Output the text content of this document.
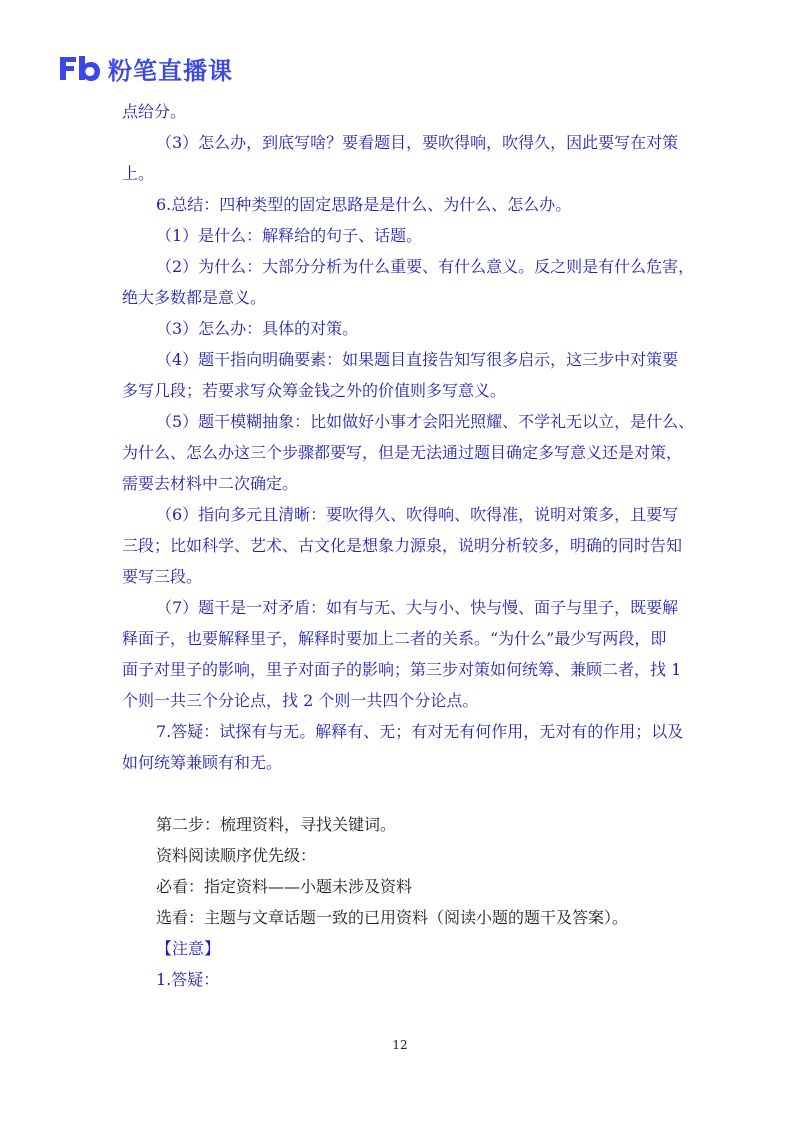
粉笔直播课
点给分。
（3）怎么办，到底写啥？要看题目，要吹得响，吹得久，因此要写在对策
上。
6.总结：四种类型的固定思路是是什么、为什么、怎么办。
（1）是什么：解释给的句子、话题。
（2）为什么：大部分分析为什么重要、有什么意义。反之则是有什么危害，
绝大多数都是意义。
（3）怎么办：具体的对策。
（4）题干指向明确要素：如果题目直接告知写很多启示，这三步中对策要
多写几段；若要求写众筹金钱之外的价值则多写意义。
（5）题干模糊抽象：比如做好小事才会阳光照耀、不学礼无以立，是什么、
为什么、怎么办这三个步骤都要写，但是无法通过题目确定多写意义还是对策，
需要去材料中二次确定。
（6）指向多元且清晰：要吹得久、吹得响、吹得准，说明对策多，且要写
三段；比如科学、艺术、古文化是想象力源泉，说明分析较多，明确的同时告知
要写三段。
（7）题干是一对矛盾：如有与无、大与小、快与慢、面子与里子，既要解
释面子，也要解释里子，解释时要加上二者的关系。“为什么”最少写两段，即
面子对里子的影响，里子对面子的影响；第三步对策如何统筹、兼顾二者，找 1
个则一共三个分论点，找 2 个则一共四个分论点。
7.答疑：试探有与无。解释有、无；有对无有何作用，无对有的作用；以及
如何统筹兼顾有和无。
第二步：梳理资料，寻找关键词。
资料阅读顺序优先级：
必看：指定资料——小题未涉及资料
选看：主题与文章话题一致的已用资料（阅读小题的题干及答案）。
【注意】
1.答疑：
12
